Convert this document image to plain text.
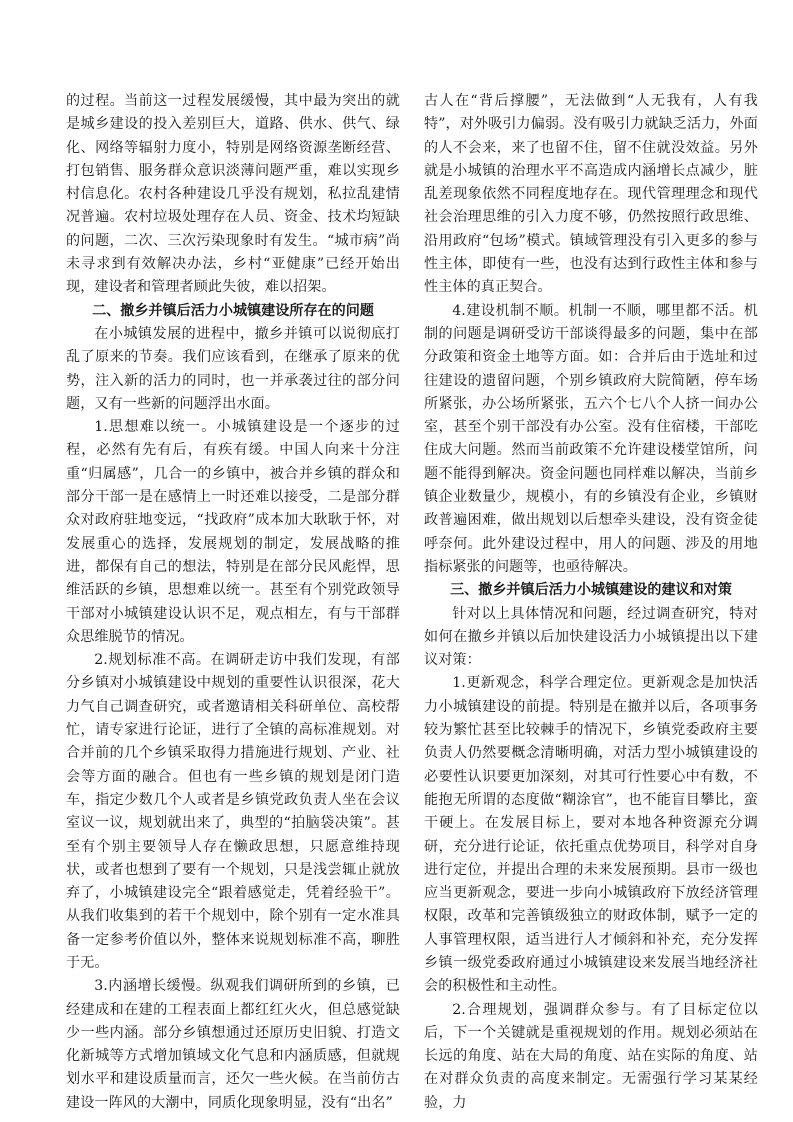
的过程。当前这一过程发展缓慢，其中最为突出的就是城乡建设的投入差别巨大，道路、供水、供气、绿化、网络等辐射力度小，特别是网络资源垄断经营、打包销售、服务群众意识淡薄问题严重，难以实现乡村信息化。农村各种建设几乎没有规划，私拉乱建情况普遍。农村垃圾处理存在人员、资金、技术均短缺的问题，二次、三次污染现象时有发生。“城市病”尚未寻求到有效解决办法，乡村“亚健康”已经开始出现，建设者和管理者顾此失彼，难以招架。

二、撤乡并镇后活力小城镇建设所存在的问题

在小城镇发展的进程中，撤乡并镇可以说彻底打乱了原来的节奏。我们应该看到，在继承了原来的优势，注入新的活力的同时，也一并承袭过往的部分问题，又有一些新的问题浮出水面。

1.思想难以统一。小城镇建设是一个逐步的过程，必然有先有后，有疾有缓。中国人向来十分注重“归属感”，几合一的乡镇中，被合并乡镇的群众和部分干部一是在感情上一时还难以接受，二是部分群众对政府驻地变远，“找政府”成本加大耿耿于怀，对发展重心的选择，发展规划的制定，发展战略的推进，都保有自己的想法，特别是在部分民风彪悍，思维活跃的乡镇，思想难以统一。甚至有个别党政领导干部对小城镇建设认识不足，观点相左，有与干部群众思维脱节的情况。

2.规划标准不高。在调研走访中我们发现，有部分乡镇对小城镇建设中规划的重要性认识很深，花大力气自己调查研究，或者邀请相关科研单位、高校帮忙，请专家进行论证，进行了全镇的高标准规划。对合并前的几个乡镇采取得力措施进行规划、产业、社会等方面的融合。但也有一些乡镇的规划是闭门造车，指定少数几个人或者是乡镇党政负责人坐在会议室议一议，规划就出来了，典型的“拍脑袋决策”。甚至有个别主要领导人存在懒政思想，只愿意维持现状，或者也想到了要有一个规划，只是浅尝辄止就放弃了，小城镇建设完全“跟着感觉走，凭着经验干”。从我们收集到的若干个规划中，除个别有一定水准具备一定参考价值以外，整体来说规划标准不高，聊胜于无。

3.内涵增长缓慢。纵观我们调研所到的乡镇，已经建成和在建的工程表面上都红红火火，但总感觉缺少一些内涵。部分乡镇想通过还原历史旧貌、打造文化新城等方式增加镇域文化气息和内涵质感，但就规划水平和建设质量而言，还欠一些火候。在当前仿古建设一阵风的大潮中，同质化现象明显，没有“出名”

古人在“背后撑腰”，无法做到“人无我有，人有我特”，对外吸引力偏弱。没有吸引力就缺乏活力，外面的人不会来，来了也留不住，留不住就没效益。另外就是小城镇的治理水平不高造成内涵增长点减少，脏乱差现象依然不同程度地存在。现代管理理念和现代社会治理思维的引入力度不够，仍然按照行政思维、沿用政府“包场”模式。镇域管理没有引入更多的参与性主体，即使有一些，也没有达到行政性主体和参与性主体的真正契合。

4.建设机制不顺。机制一不顺，哪里都不活。机制的问题是调研受访干部谈得最多的问题，集中在部分政策和资金土地等方面。如：合并后由于选址和过往建设的遗留问题，个别乡镇政府大院简陋，停车场所紧张，办公场所紧张，五六个七八个人挤一间办公室，甚至个别干部没有办公室。没有住宿楼，干部吃住成大问题。然而当前政策不允许建设楼堂馆所，问题不能得到解决。资金问题也同样难以解决，当前乡镇企业数量少，规模小，有的乡镇没有企业，乡镇财政普遍困难，做出规划以后想牵头建设，没有资金徒呼奈何。此外建设过程中，用人的问题、涉及的用地指标紧张的问题等，也亟待解决。

三、撤乡并镇后活力小城镇建设的建议和对策

针对以上具体情况和问题，经过调查研究，特对如何在撤乡并镇以后加快建设活力小城镇提出以下建议对策：

1.更新观念，科学合理定位。更新观念是加快活力小城镇建设的前提。特别是在撤并以后，各项事务较为繁忙甚至比较棘手的情况下，乡镇党委政府主要负责人仍然要概念清晰明确，对活力型小城镇建设的必要性认识要更加深刻，对其可行性要心中有数，不能抱无所谓的态度做“糊涂官”，也不能盲目攀比，蛮干硬上。在发展目标上，要对本地各种资源充分调研，充分进行论证，依托重点优势项目，科学对自身进行定位，并提出合理的未来发展预期。县市一级也应当更新观念，要进一步向小城镇政府下放经济管理权限，改革和完善镇级独立的财政体制，赋予一定的人事管理权限，适当进行人才倾斜和补充，充分发挥乡镇一级党委政府通过小城镇建设来发展当地经济社会的积极性和主动性。

2.合理规划，强调群众参与。有了目标定位以后，下一个关键就是重视规划的作用。规划必须站在长远的角度、站在大局的角度、站在实际的角度、站在对群众负责的高度来制定。无需强行学习某某经验，力
